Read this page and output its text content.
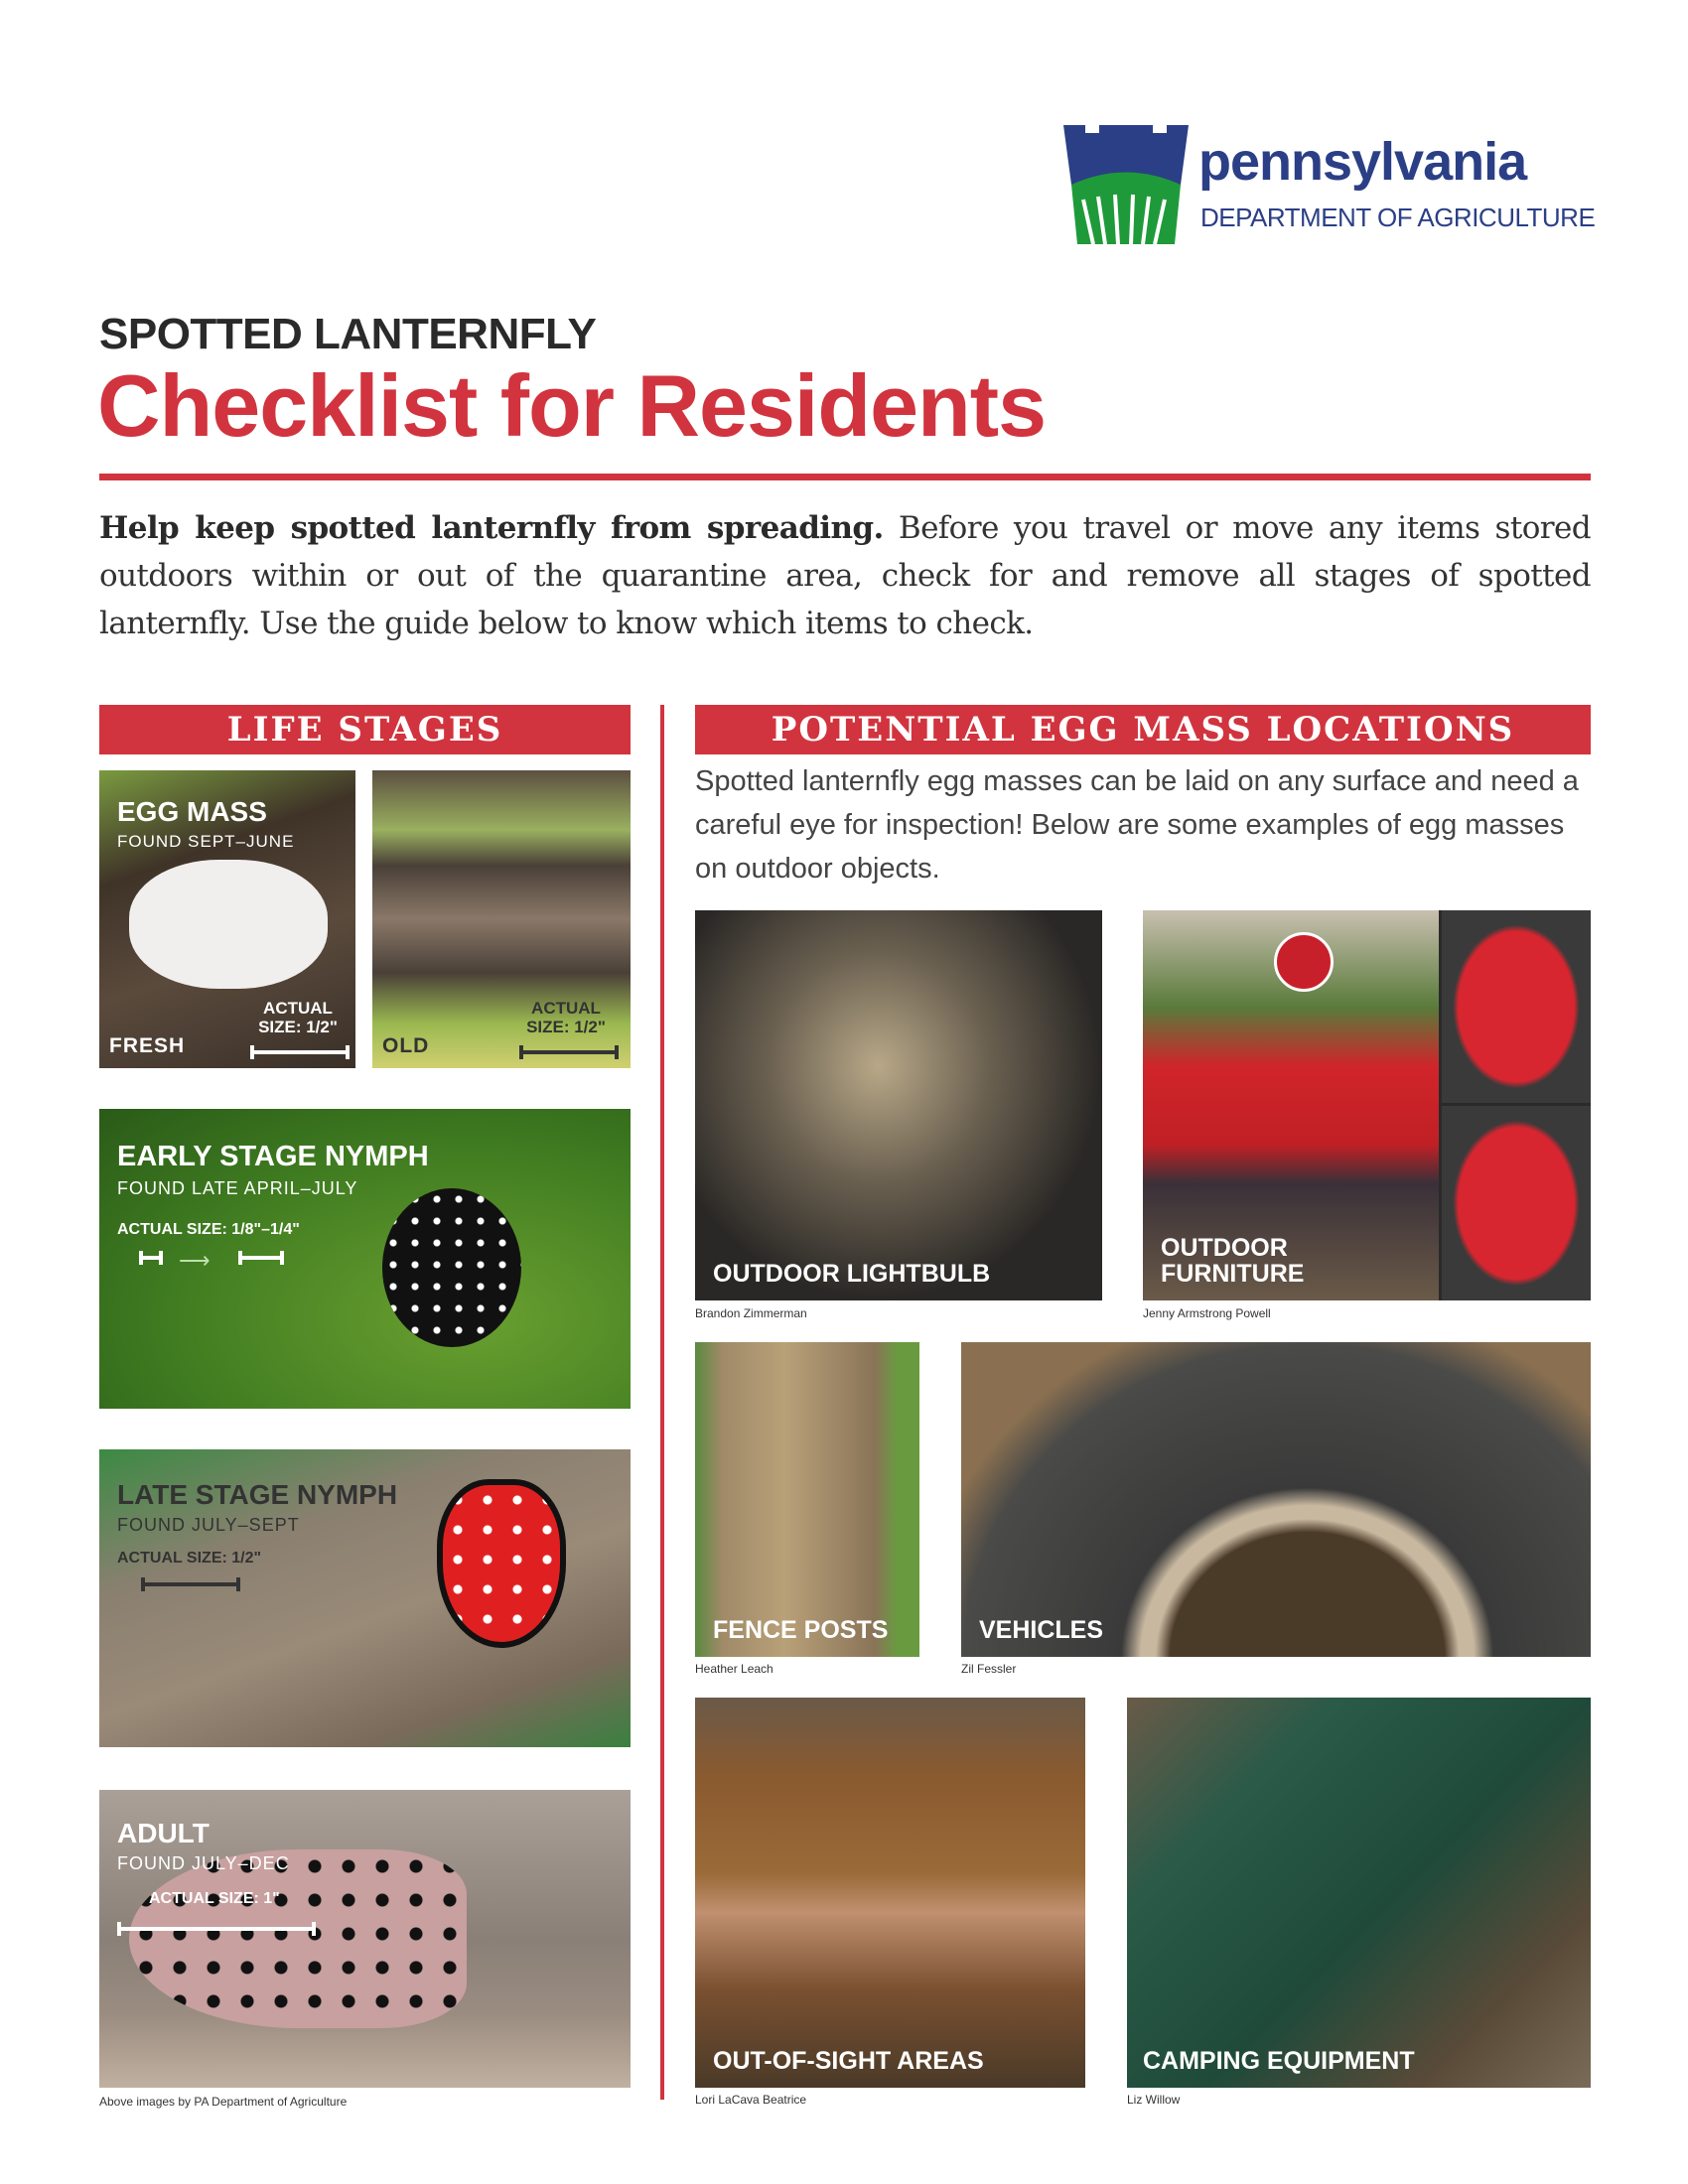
pennsylvania
DEPARTMENT OF AGRICULTURE
SPOTTED LANTERNFLY
Checklist for Residents
Help keep spotted lanternfly from spreading. Before you travel or move any items stored outdoors within or out of the quarantine area, check for and remove all stages of spotted lanternfly. Use the guide below to know which items to check.
LIFE STAGES	POTENTIAL EGG MASS LOCATIONS
Spotted lanternfly egg masses can be laid on any surface and need a careful eye for inspection! Below are some examples of egg masses on outdoor objects.
EGG MASS
FOUND SEPT–JUNE
FRESH
ACTUAL SIZE: 1/2"
OLD
ACTUAL SIZE: 1/2"
EARLY STAGE NYMPH
FOUND LATE APRIL–JULY
ACTUAL SIZE: 1/8"–1/4"
⟶
LATE STAGE NYMPH
FOUND JULY–SEPT
ACTUAL SIZE: 1/2"
ADULT
FOUND JULY–DEC
ACTUAL SIZE: 1"
Above images by PA Department of Agriculture
OUTDOOR LIGHTBULB
Brandon Zimmerman
OUTDOOR FURNITURE
Jenny Armstrong Powell
FENCE POSTS
Heather Leach
VEHICLES
Zil Fessler
OUT-OF-SIGHT AREAS
Lori LaCava Beatrice
CAMPING EQUIPMENT
Liz Willow
